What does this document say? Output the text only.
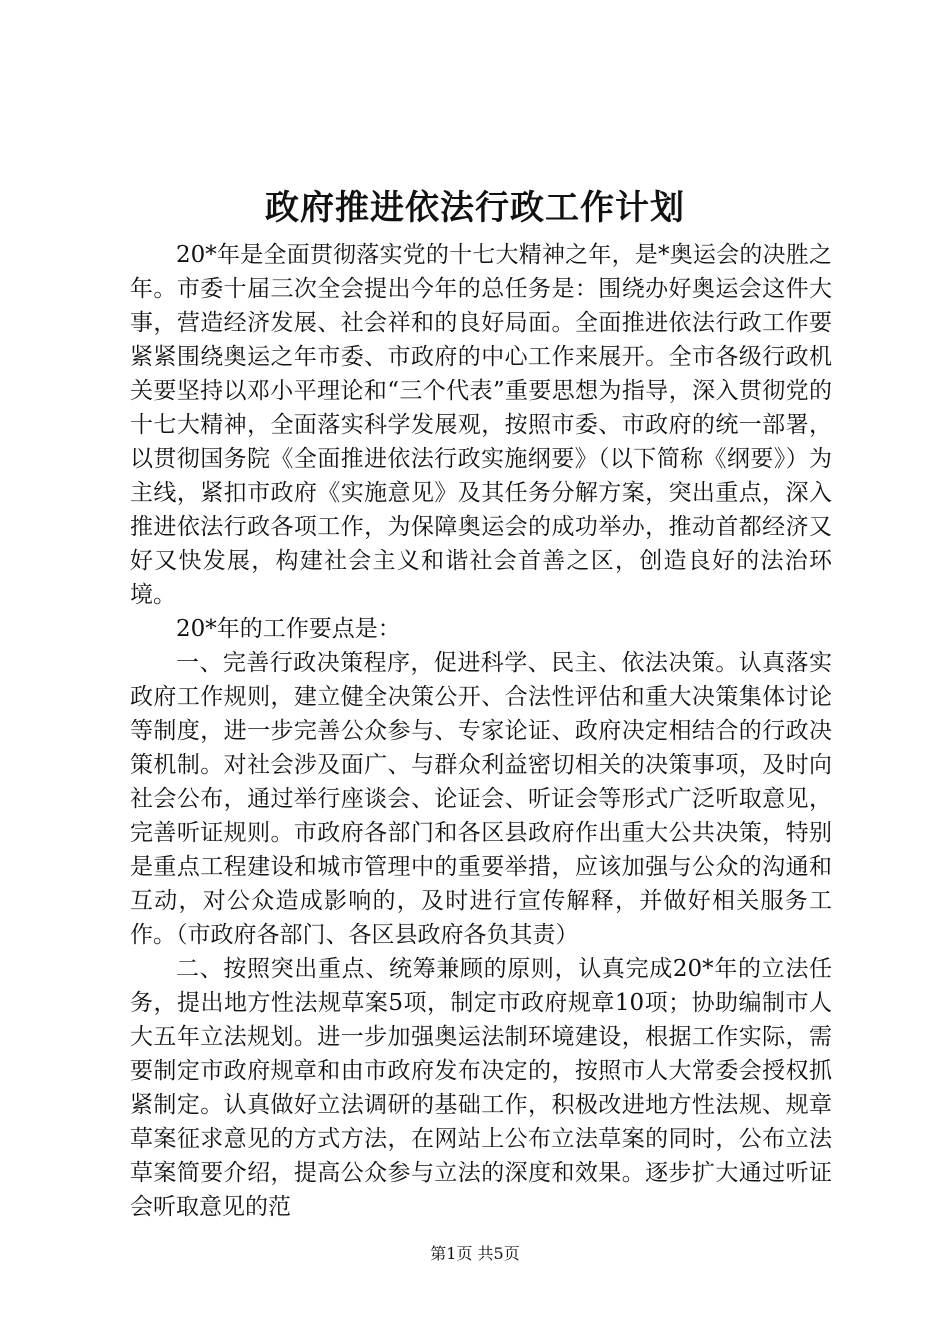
政府推进依法行政工作计划

20*年是全面贯彻落实党的十七大精神之年，是*奥运会的决胜之年。市委十届三次全会提出今年的总任务是：围绕办好奥运会这件大事，营造经济发展、社会祥和的良好局面。全面推进依法行政工作要紧紧围绕奥运之年市委、市政府的中心工作来展开。全市各级行政机关要坚持以邓小平理论和“三个代表”重要思想为指导，深入贯彻党的十七大精神，全面落实科学发展观，按照市委、市政府的统一部署，以贯彻国务院《全面推进依法行政实施纲要》（以下简称《纲要》）为主线，紧扣市政府《实施意见》及其任务分解方案，突出重点，深入推进依法行政各项工作，为保障奥运会的成功举办，推动首都经济又好又快发展，构建社会主义和谐社会首善之区，创造良好的法治环境。

20*年的工作要点是：

一、完善行政决策程序，促进科学、民主、依法决策。认真落实政府工作规则，建立健全决策公开、合法性评估和重大决策集体讨论等制度，进一步完善公众参与、专家论证、政府决定相结合的行政决策机制。对社会涉及面广、与群众利益密切相关的决策事项，及时向社会公布，通过举行座谈会、论证会、听证会等形式广泛听取意见，完善听证规则。市政府各部门和各区县政府作出重大公共决策，特别是重点工程建设和城市管理中的重要举措，应该加强与公众的沟通和互动，对公众造成影响的，及时进行宣传解释，并做好相关服务工作。（市政府各部门、各区县政府各负其责）

二、按照突出重点、统筹兼顾的原则，认真完成20*年的立法任务，提出地方性法规草案5项，制定市政府规章10项；协助编制市人大五年立法规划。进一步加强奥运法制环境建设，根据工作实际，需要制定市政府规章和由市政府发布决定的，按照市人大常委会授权抓紧制定。认真做好立法调研的基础工作，积极改进地方性法规、规章草案征求意见的方式方法，在网站上公布立法草案的同时，公布立法草案简要介绍，提高公众参与立法的深度和效果。逐步扩大通过听证会听取意见的范

第1页 共5页
